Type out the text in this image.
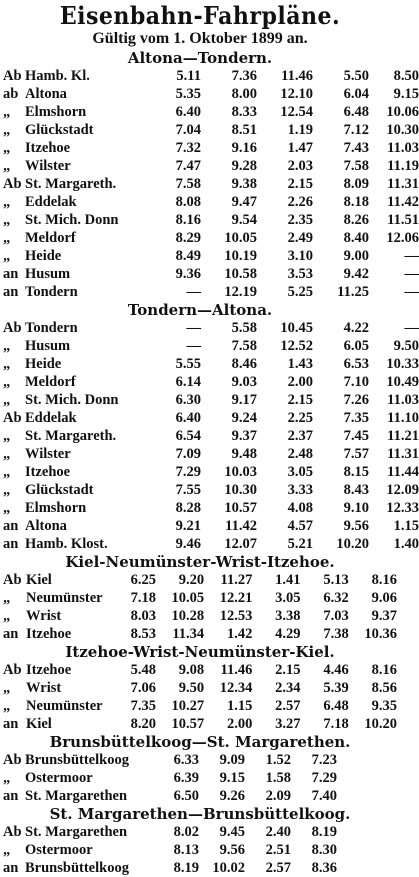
Eisenbahn-Fahrpläne.
Gültig vom 1. Oktober 1899 an.
Altona—Tondern.
Ab	Hamb. Kl.	5.11	7.36	11.46	5.50	8.50
ab	Altona	5.35	8.00	12.10	6.04	9.15
„	Elmshorn	6.40	8.33	12.54	6.48	10.06
„	Glückstadt	7.04	8.51	1.19	7.12	10.30
„	Itzehoe	7.32	9.16	1.47	7.43	11.03
„	Wilster	7.47	9.28	2.03	7.58	11.19
Ab	St. Margareth.	7.58	9.38	2.15	8.09	11.31
„	Eddelak	8.08	9.47	2.26	8.18	11.42
„	St. Mich. Donn	8.16	9.54	2.35	8.26	11.51
„	Meldorf	8.29	10.05	2.49	8.40	12.06
„	Heide	8.49	10.19	3.10	9.00	—
an	Husum	9.36	10.58	3.53	9.42	—
an	Tondern	—	12.19	5.25	11.25	—
Tondern—Altona.
Ab	Tondern	—	5.58	10.45	4.22	—
„	Husum	—	7.58	12.52	6.05	9.50
„	Heide	5.55	8.46	1.43	6.53	10.33
„	Meldorf	6.14	9.03	2.00	7.10	10.49
„	St. Mich. Donn	6.30	9.17	2.15	7.26	11.03
Ab	Eddelak	6.40	9.24	2.25	7.35	11.10
„	St. Margareth.	6.54	9.37	2.37	7.45	11.21
„	Wilster	7.09	9.48	2.48	7.57	11.31
„	Itzehoe	7.29	10.03	3.05	8.15	11.44
„	Glückstadt	7.55	10.30	3.33	8.43	12.09
„	Elmshorn	8.28	10.57	4.08	9.10	12.33
an	Altona	9.21	11.42	4.57	9.56	1.15
an	Hamb. Klost.	9.46	12.07	5.21	10.20	1.40
Kiel-Neumünster-Wrist-Itzehoe.
Ab	Kiel	6.25	9.20	11.27	1.41	5.13	8.16
„	Neumünster	7.18	10.05	12.21	3.05	6.32	9.06
„	Wrist	8.03	10.28	12.53	3.38	7.03	9.37
an	Itzehoe	8.53	11.34	1.42	4.29	7.38	10.36
Itzehoe-Wrist-Neumünster-Kiel.
Ab	Itzehoe	5.48	9.08	11.46	2.15	4.46	8.16
„	Wrist	7.06	9.50	12.34	2.34	5.39	8.56
„	Neumünster	7.35	10.27	1.15	2.57	6.48	9.35
an	Kiel	8.20	10.57	2.00	3.27	7.18	10.20
Brunsbüttelkoog—St. Margarethen.
Ab	Brunsbüttelkoog	6.33	9.09	1.52	7.23	
„	Ostermoor	6.39	9.15	1.58	7.29	
an	St. Margarethen	6.50	9.26	2.09	7.40	
St. Margarethen—Brunsbüttelkoog.
Ab	St. Margarethen	8.02	9.45	2.40	8.19	
„	Ostermoor	8.13	9.56	2.51	8.30	
an	Brunsbüttelkoog	8.19	10.02	2.57	8.36	
